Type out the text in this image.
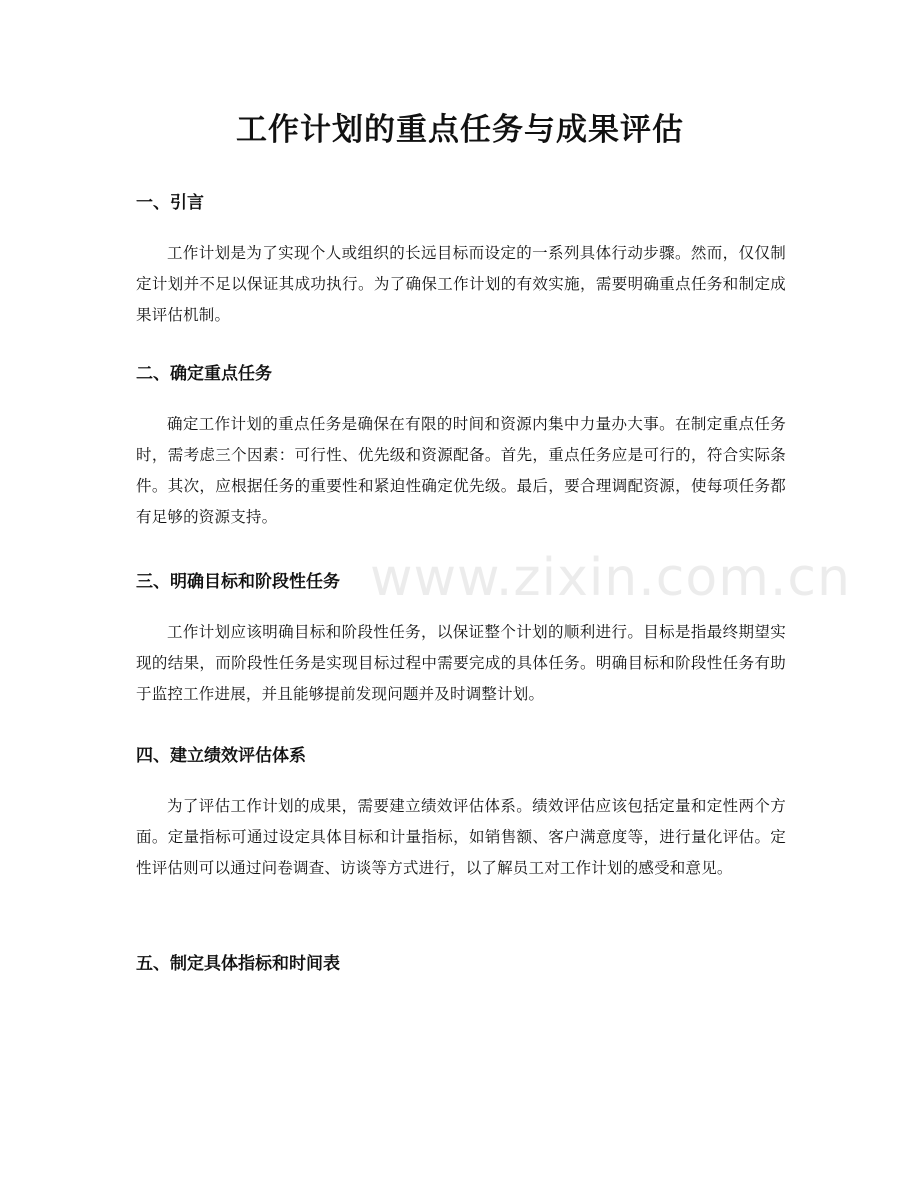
工作计划的重点任务与成果评估
一、引言

工作计划是为了实现个人或组织的长远目标而设定的一系列具体行动步骤。然而，仅仅制定计划并不足以保证其成功执行。为了确保工作计划的有效实施，需要明确重点任务和制定成果评估机制。

二、确定重点任务

确定工作计划的重点任务是确保在有限的时间和资源内集中力量办大事。在制定重点任务时，需考虑三个因素：可行性、优先级和资源配备。首先，重点任务应是可行的，符合实际条件。其次，应根据任务的重要性和紧迫性确定优先级。最后，要合理调配资源，使每项任务都有足够的资源支持。

三、明确目标和阶段性任务

工作计划应该明确目标和阶段性任务，以保证整个计划的顺利进行。目标是指最终期望实现的结果，而阶段性任务是实现目标过程中需要完成的具体任务。明确目标和阶段性任务有助于监控工作进展，并且能够提前发现问题并及时调整计划。

四、建立绩效评估体系

为了评估工作计划的成果，需要建立绩效评估体系。绩效评估应该包括定量和定性两个方面。定量指标可通过设定具体目标和计量指标，如销售额、客户满意度等，进行量化评估。定性评估则可以通过问卷调查、访谈等方式进行，以了解员工对工作计划的感受和意见。

五、制定具体指标和时间表
www.zixin.com.cn
